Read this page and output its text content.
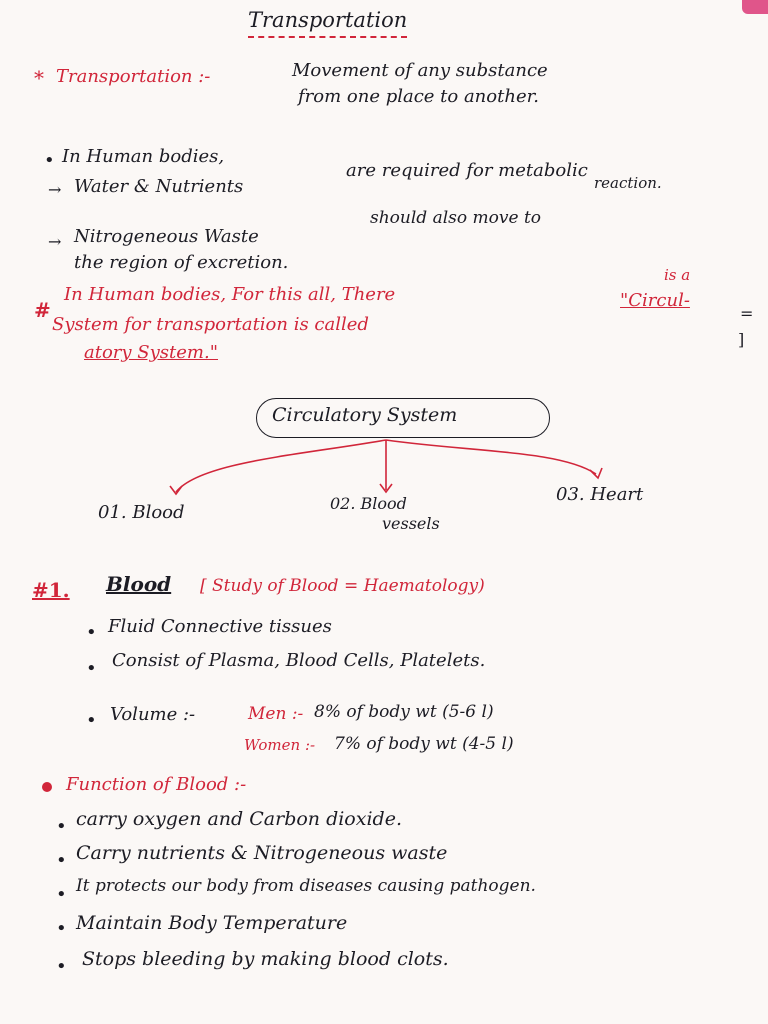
Transportation
* Transportation :-	Movement of any substance
from one place to another.
• In Human bodies,
→ Water & Nutrients
are required for metabolic
reaction.
→ Nitrogeneous Waste
should also move to
the region of excretion.
#
In Human bodies, For this all, There
is a
"Circul-
System for transportation is called
atory System."
=
]
Circulatory System
01. Blood	02. Blood
vessels
03. Heart
#1. Blood [ Study of Blood = Haematology)
• Fluid Connective tissues
• Consist of Plasma, Blood Cells, Platelets.
• Volume :-	Men :- 8% of body wt (5-6 l)
Women :- 7% of body wt (4-5 l)
Function of Blood :-
• carry oxygen and Carbon dioxide.
• Carry nutrients & Nitrogeneous waste
• It protects our body from diseases causing pathogen.
• Maintain Body Temperature
• Stops bleeding by making blood clots.
